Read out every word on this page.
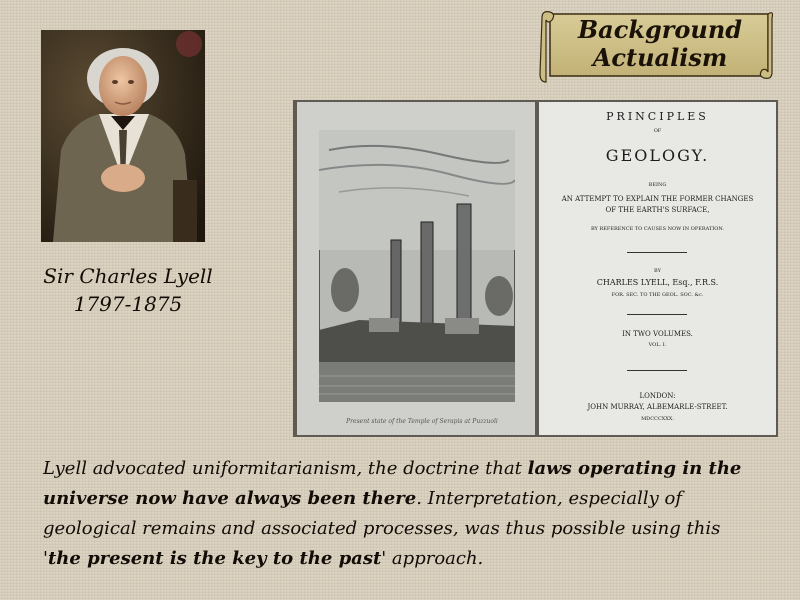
Background
Actualism
Sir Charles Lyell
1797-1875
Present state of the Temple of Serapis at Puzzuoli
PRINCIPLES
OF
GEOLOGY.
BEING
AN ATTEMPT TO EXPLAIN THE FORMER CHANGES
OF THE EARTH'S SURFACE,
BY REFERENCE TO CAUSES NOW IN OPERATION.
BY
CHARLES LYELL, Esq., F.R.S.
FOR. SEC. TO THE GEOL. SOC. &c.
IN TWO VOLUMES.
VOL. I.
LONDON:
JOHN MURRAY, ALBEMARLE-STREET.
MDCCCXXX.
Lyell advocated uniformitarianism, the doctrine that laws operating in the universe now have always been there. Interpretation, especially of geological remains and associated processes, was thus possible using this 'the present is the key to the past' approach.
